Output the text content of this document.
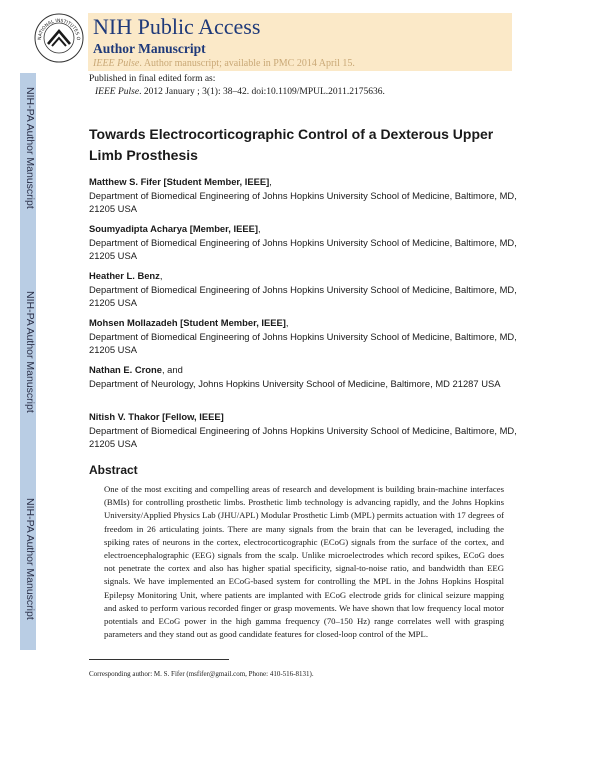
NIH-PA Author Manuscript
NIH-PA Author Manuscript
NIH-PA Author Manuscript
NATIONAL INSTITUTES O NIH Public Access

Author Manuscript

IEEE Pulse. Author manuscript; available in PMC 2014 April 15.

Published in final edited form as:
IEEE Pulse. 2012 January ; 3(1): 38–42. doi:10.1109/MPUL.2011.2175636.
Towards Electrocorticographic Control of a Dexterous Upper Limb Prosthesis
Matthew S. Fifer [Student Member, IEEE],
Department of Biomedical Engineering of Johns Hopkins University School of Medicine, Baltimore, MD, 21205 USA
Soumyadipta Acharya [Member, IEEE],
Department of Biomedical Engineering of Johns Hopkins University School of Medicine, Baltimore, MD, 21205 USA
Heather L. Benz,
Department of Biomedical Engineering of Johns Hopkins University School of Medicine, Baltimore, MD, 21205 USA
Mohsen Mollazadeh [Student Member, IEEE],
Department of Biomedical Engineering of Johns Hopkins University School of Medicine, Baltimore, MD, 21205 USA
Nathan E. Crone, and
Department of Neurology, Johns Hopkins University School of Medicine, Baltimore, MD 21287 USA
Nitish V. Thakor [Fellow, IEEE]
Department of Biomedical Engineering of Johns Hopkins University School of Medicine, Baltimore, MD, 21205 USA
Abstract

One of the most exciting and compelling areas of research and development is building brain-machine interfaces (BMIs) for controlling prosthetic limbs. Prosthetic limb technology is advancing rapidly, and the Johns Hopkins University/Applied Physics Lab (JHU/APL) Modular Prosthetic Limb (MPL) permits actuation with 17 degrees of freedom in 26 articulating joints. There are many signals from the brain that can be leveraged, including the spiking rates of neurons in the cortex, electrocorticographic (ECoG) signals from the surface of the cortex, and electroencephalographic (EEG) signals from the scalp. Unlike microelectrodes which record spikes, ECoG does not penetrate the cortex and also has higher spatial specificity, signal-to-noise ratio, and bandwidth than EEG signals. We have implemented an ECoG-based system for controlling the MPL in the Johns Hopkins Hospital Epilepsy Monitoring Unit, where patients are implanted with ECoG electrode grids for clinical seizure mapping and asked to perform various recorded finger or grasp movements. We have shown that low frequency local motor potentials and ECoG power in the high gamma frequency (70–150 Hz) range correlates well with grasping parameters and they stand out as good candidate features for closed-loop control of the MPL.

Corresponding author: M. S. Fifer (msfifer@gmail.com, Phone: 410-516-8131).
